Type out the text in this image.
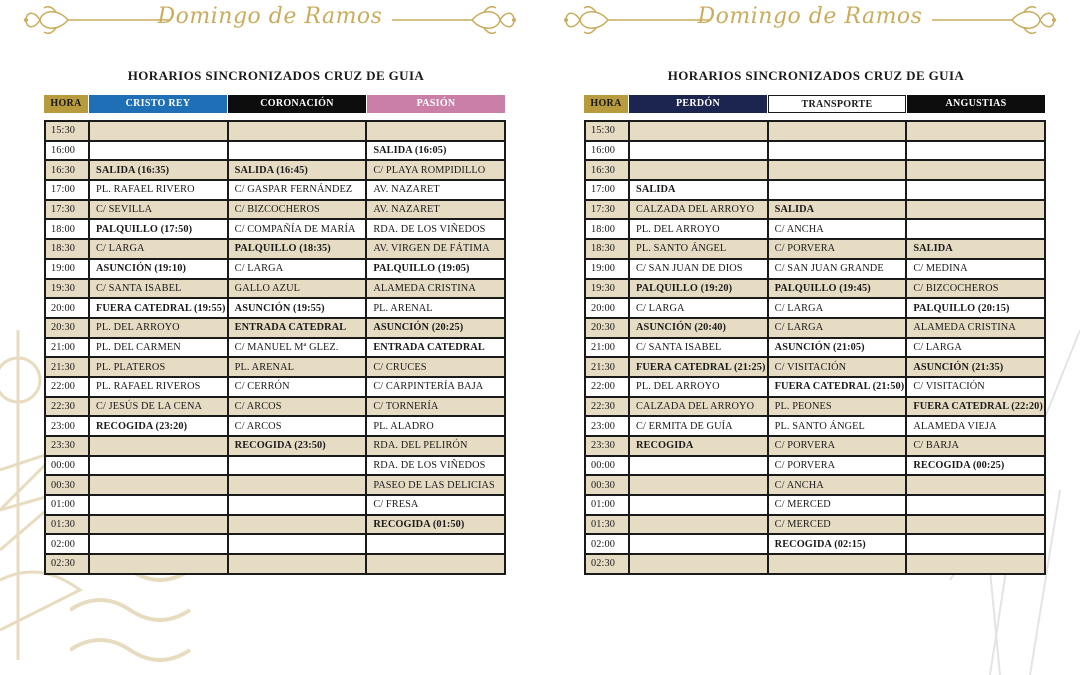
Domingo de Ramos
HORARIOS SINCRONIZADOS CRUZ DE GUIA
HORA	CRISTO REY	CORONACIÓN	PASIÓN
15:30			
16:00			SALIDA (16:05)
16:30	SALIDA (16:35)	SALIDA (16:45)	C/ PLAYA ROMPIDILLO
17:00	PL. RAFAEL RIVERO	C/ GASPAR FERNÁNDEZ	AV. NAZARET
17:30	C/ SEVILLA	C/ BIZCOCHEROS	AV. NAZARET
18:00	PALQUILLO (17:50)	C/ COMPAÑÍA DE MARÍA	RDA. DE LOS VIÑEDOS
18:30	C/ LARGA	PALQUILLO (18:35)	AV. VIRGEN DE FÁTIMA
19:00	ASUNCIÓN (19:10)	C/ LARGA	PALQUILLO (19:05)
19:30	C/ SANTA ISABEL	GALLO AZUL	ALAMEDA CRISTINA
20:00	FUERA CATEDRAL (19:55)	ASUNCIÓN (19:55)	PL. ARENAL
20:30	PL. DEL ARROYO	ENTRADA CATEDRAL	ASUNCIÓN (20:25)
21:00	PL. DEL CARMEN	C/ MANUEL Mª GLEZ.	ENTRADA CATEDRAL
21:30	PL. PLATEROS	PL. ARENAL	C/ CRUCES
22:00	PL. RAFAEL RIVEROS	C/ CERRÓN	C/ CARPINTERÍA BAJA
22:30	C/ JESÚS DE LA CENA	C/ ARCOS	C/ TORNERÍA
23:00	RECOGIDA (23:20)	C/ ARCOS	PL. ALADRO
23:30		RECOGIDA (23:50)	RDA. DEL PELIRÓN
00:00			RDA. DE LOS VIÑEDOS
00:30			PASEO DE LAS DELICIAS
01:00			C/ FRESA
01:30			RECOGIDA (01:50)
02:00			
02:30			
Domingo de Ramos
HORARIOS SINCRONIZADOS CRUZ DE GUIA
HORA	PERDÓN	TRANSPORTE	ANGUSTIAS
15:30			
16:00			
16:30			
17:00	SALIDA		
17:30	CALZADA DEL ARROYO	SALIDA	
18:00	PL. DEL ARROYO	C/ ANCHA	
18:30	PL. SANTO ÁNGEL	C/ PORVERA	SALIDA
19:00	C/ SAN JUAN DE DIOS	C/ SAN JUAN GRANDE	C/ MEDINA
19:30	PALQUILLO (19:20)	PALQUILLO (19:45)	C/ BIZCOCHEROS
20:00	C/ LARGA	C/ LARGA	PALQUILLO (20:15)
20:30	ASUNCIÓN (20:40)	C/ LARGA	ALAMEDA CRISTINA
21:00	C/ SANTA ISABEL	ASUNCIÓN (21:05)	C/ LARGA
21:30	FUERA CATEDRAL (21:25)	C/ VISITACIÓN	ASUNCIÓN (21:35)
22:00	PL. DEL ARROYO	FUERA CATEDRAL (21:50)	C/ VISITACIÓN
22:30	CALZADA DEL ARROYO	PL. PEONES	FUERA CATEDRAL (22:20)
23:00	C/ ERMITA DE GUÍA	PL. SANTO ÁNGEL	ALAMEDA VIEJA
23:30	RECOGIDA	C/ PORVERA	C/ BARJA
00:00		C/ PORVERA	RECOGIDA (00:25)
00:30		C/ ANCHA	
01:00		C/ MERCED	
01:30		C/ MERCED	
02:00		RECOGIDA (02:15)	
02:30			
